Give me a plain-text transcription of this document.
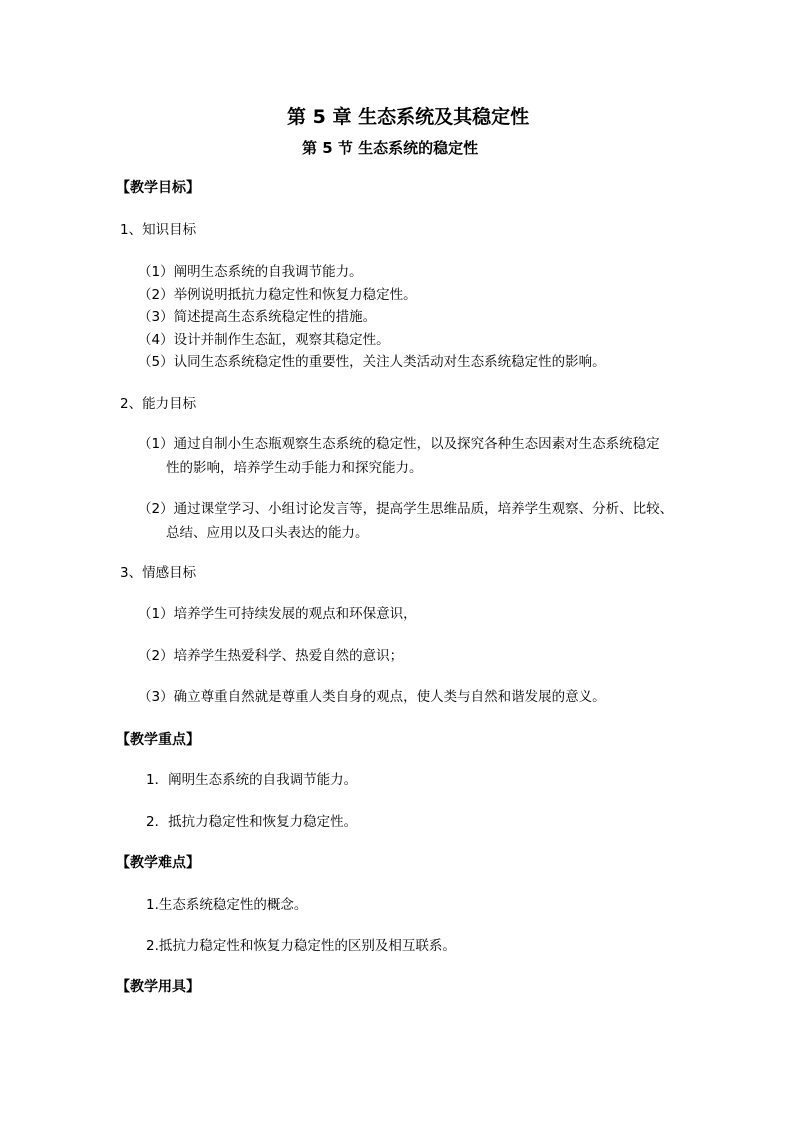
第 5 章 生态系统及其稳定性
第 5 节 生态系统的稳定性
【教学目标】
1、知识目标
（1）阐明生态系统的自我调节能力。
（2）举例说明抵抗力稳定性和恢复力稳定性。
（3）简述提高生态系统稳定性的措施。
（4）设计并制作生态缸，观察其稳定性。
（5）认同生态系统稳定性的重要性，关注人类活动对生态系统稳定性的影响。
2、能力目标
（1）通过自制小生态瓶观察生态系统的稳定性，以及探究各种生态因素对生态系统稳定
性的影响，培养学生动手能力和探究能力。
（2）通过课堂学习、小组讨论发言等，提高学生思维品质，培养学生观察、分析、比较、
总结、应用以及口头表达的能力。
3、情感目标
（1）培养学生可持续发展的观点和环保意识，
（2）培养学生热爱科学、热爱自然的意识；
（3）确立尊重自然就是尊重人类自身的观点，使人类与自然和谐发展的意义。
【教学重点】
1．阐明生态系统的自我调节能力。
2．抵抗力稳定性和恢复力稳定性。
【教学难点】
1.生态系统稳定性的概念。
2.抵抗力稳定性和恢复力稳定性的区别及相互联系。
【教学用具】
